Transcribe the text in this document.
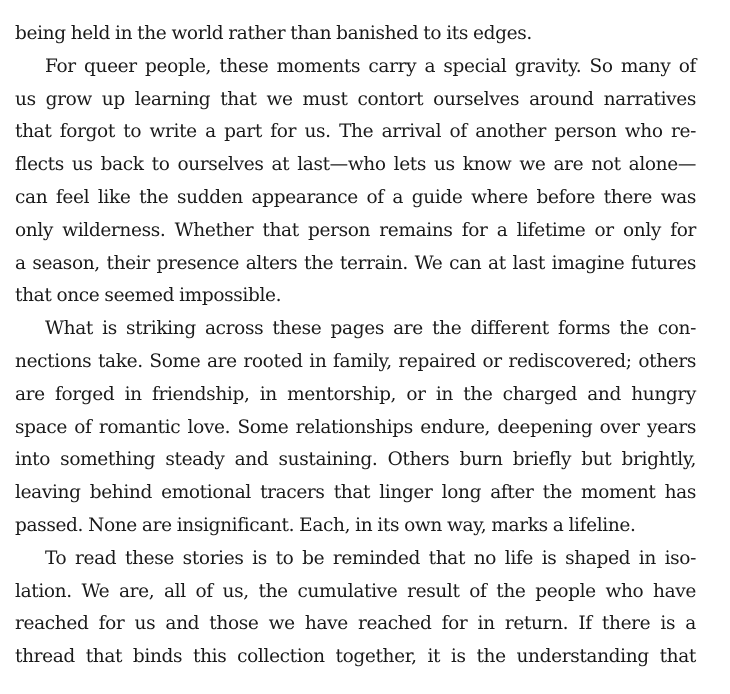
being held in the world rather than banished to its edges.
For queer people, these moments carry a special gravity. So many of
us grow up learning that we must contort ourselves around narratives
that forgot to write a part for us. The arrival of another person who re-
flects us back to ourselves at last—who lets us know we are not alone—
can feel like the sudden appearance of a guide where before there was
only wilderness. Whether that person remains for a lifetime or only for
a season, their presence alters the terrain. We can at last imagine futures
that once seemed impossible.
What is striking across these pages are the different forms the con-
nections take. Some are rooted in family, repaired or rediscovered; others
are forged in friendship, in mentorship, or in the charged and hungry
space of romantic love. Some relationships endure, deepening over years
into something steady and sustaining. Others burn briefly but brightly,
leaving behind emotional tracers that linger long after the moment has
passed. None are insignificant. Each, in its own way, marks a lifeline.
To read these stories is to be reminded that no life is shaped in iso-
lation. We are, all of us, the cumulative result of the people who have
reached for us and those we have reached for in return. If there is a
thread that binds this collection together, it is the understanding that
